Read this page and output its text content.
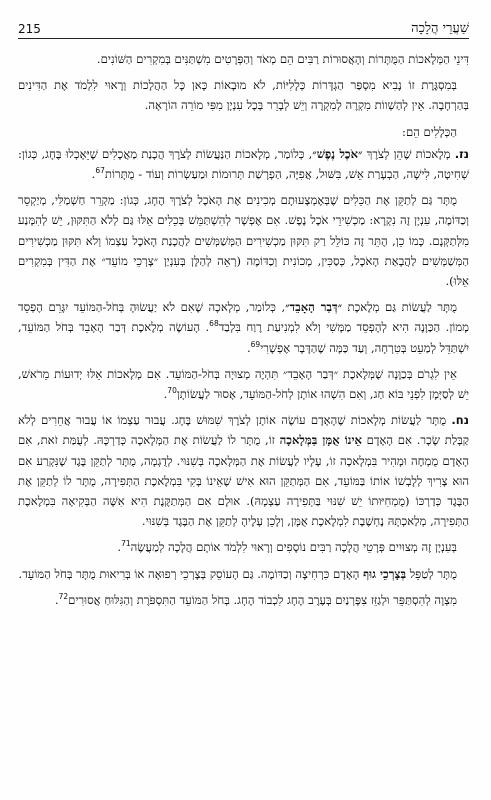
215	שַׁעֲרֵי הֲלָכָה

דִּינֵי הַמְּלָאכוֹת הַמֻּתָּרוֹת וְהָאֲסוּרוֹת רַבִּים הֵם מְאֹד וְהַפְּרָטִים מִשְׁתַּנִּים בְּמִקְרִים הַשּׁוֹנִים.

בְּמִסְגֶּרֶת זוֹ נָבִיא מִסְפַּר הַגְדָּרוֹת כְּלָלִיּוֹת, לֹא מוּבָאוֹת כָּאן כָּל הַהֲלָכוֹת וְרָאוּי לִלְמֹד אֶת הַדִּינִים בְּהַרְחָבָה. אֵין לְהַשְׁווֹת מִקְרֶה לְמִקְרֶה וְיֵשׁ לְבָרֵר בְּכָל עִנְיָן מִפִּי מוֹרֵה הוֹרָאָה.

הַכְּלָלִים הֵם:

נז. מְלָאכוֹת שֶׁהֵן לְצֹרֶךְ ״אֹכֶל נֶפֶשׁ״, כְּלוֹמַר, מְלָאכוֹת הַנַּעֲשׂוֹת לְצֹרֶךְ הֲכָנַת מַאֲכָלִים שֶׁיֵּאָכְלוּ בֶּחָג, כְּגוֹן: שְׁחִיטָה, לִישָׁה, הַבְעָרַת אֵשׁ, בִּשּׁוּל, אֲפִיָּה, הַפְרָשַׁת תְּרוּמוֹת וּמַעַשְׂרוֹת וְעוֹד - מֻתָּרוֹת$^{67}$.

מֻתָּר גַּם לְתַקֵּן אֶת הַכֵּלִים שֶׁבְּאֶמְצָעוּתָם מְכִינִים אֶת הָאֹכֶל לְצֹרֶךְ הֶחָג, כְּגוֹן: מַקְרֵר חַשְׁמַלִּי, מְיַקְסֵר וְכַדּוֹמֶה, עִנְיָן זֶה נִקְרָא: מַכְשִׁירֵי אֹכֶל נֶפֶשׁ. אִם אֶפְשָׁר לְהִשְׁתַּמֵּשׁ בְּכֵלִים אֵלּוּ גַּם לְלֹא הַתִּקּוּן, יֵשׁ לְהִמָּנַע מִלְּתַקְּנָם. כָּמוֹ כֵן, הֶתֵּר זֶה כּוֹלֵל רַק תִּקּוּן מַכְשִׁירִים הַמְּשַׁמְּשִׁים לַהֲכָנַת הָאֹכֶל עַצְמוֹ וְלֹא תִּקּוּן מַכְשִׁירִים הַמְּשַׁמְּשִׁים לַהֲבָאַת הָאֹכֶל, כְּסַכִּין, מְכוֹנִית וְכַדּוֹמֶה (רְאֵה לְהַלָּן בְּעִנְיַן ״צָרְכֵי מוֹעֵד״ אֶת הַדִּין בְּמִקְרִים אֵלּוּ).

מֻתָּר לַעֲשׂוֹת גַּם מְלֶאכֶת ״דְּבַר הָאָבֵד״, כְּלוֹמַר, מְלָאכָה שֶׁאִם לֹא יַעֲשׂוּהָ בְּחֹל-הַמּוֹעֵד יִגָּרֵם הֶפְסֵד מָמוֹן. הַכַּוָּנָה הִיא לְהֶפְסֵד מַמָּשִׁי וְלֹא לִמְנִיעַת רֶוַח בִּלְבַד$^{68}$. הָעוֹשֶׂה מְלֶאכֶת דְּבַר הָאָבֵד בְּחֹל הַמּוֹעֵד, יִשְׁתַּדֵּל לְמַעֵט בְּטִרְחָה, וְעַד כַּמָּה שֶׁהַדָּבָר אֶפְשָׁרִי$^{69}$.

אֵין לִגְרֹם בְּכַוָּנָה שֶׁמְּלֶאכֶת ״דְּבַר הָאָבֵד״ תִּהְיֶה מְצוּיָה בְּחֹל-הַמּוֹעֵד. אִם מְלָאכוֹת אֵלּוּ יְדוּעוֹת מֵרֹאשׁ, יֵשׁ לְסַיְּמָן לִפְנֵי בּוֹא חַג, וְאִם הִשְׁהוּ אוֹתָן לְחֹל-הַמּוֹעֵד, אָסוּר לַעֲשׂוֹתָן$^{70}$.

נח. מֻתָּר לַעֲשׂוֹת מְלָאכוֹת שֶׁהָאָדָם עוֹשֶׂה אוֹתָן לְצֹרֶךְ שִׁמּוּשׁ בֶּחָג. עֲבוּר עַצְמוֹ אוֹ עֲבוּר אֲחֵרִים לְלֹא קַבָּלַת שָׂכָר. אִם הָאָדָם אֵינוֹ אֻמָּן בַּמְּלָאכָה זוֹ, מֻתָּר לוֹ לַעֲשׂוֹת אֶת הַמְּלָאכָה כְּדַרְכָּהּ. לְעֻמַּת זֹאת, אִם הָאָדָם מֻמְחֶה וּמָהִיר בִּמְלָאכָה זוֹ, עָלָיו לַעֲשׂוֹת אֶת הַמְּלָאכָה בְּשִׁנּוּי. לְדֻגְמָה, מֻתָּר לְתַקֵּן בֶּגֶד שֶׁנִּקְרַע אִם הוּא צָרִיךְ לְלָבְשׁוֹ אוֹתוֹ בַּמּוֹעֵד, אִם הַמְּתַקֵּן הוּא אִישׁ שֶׁאֵינוֹ בָּקִי בִּמְלֶאכֶת הַתְּפִירָה, מֻתָּר לוֹ לְתַקֵּן אֶת הַבֶּגֶד כְּדַרְכּוֹ (מֻמְחִיּוּתוֹ יֵשׁ שִׁנּוּי בַּתְּפִירָה עַצְמָהּ). אוּלָם אִם הַמְּתַקֶּנֶת הִיא אִשָּׁה הַבְּקִיאָה בִּמְלֶאכֶת הַתְּפִירָה, מְלַאכְתָּהּ נֶחְשֶׁבֶת לִמְלֶאכֶת אֻמָּן, וְלָכֵן עָלֶיהָ לְתַקֵּן אֶת הַבֶּגֶד בְּשִׁנּוּי.

בְּעִנְיָן זֶה מְצוּיִים פְּרָטֵי הֲלָכָה רַבִּים נוֹסָפִים וְרָאוּי לִלְמֹד אוֹתָם הֲלָכָה לְמַעֲשֶׂה$^{71}$.

מֻתָּר לְטַפֵּל בְּצָרְכֵי גוּף הָאָדָם כִּרְחִיצָה וְכַדּוֹמֶה. גַּם הָעוֹסֵק בְּצָרְכֵי רְפוּאָה אוֹ בְּרִיאוּת מֻתָּר בְּחֹל הַמּוֹעֵד.

מִצְוָה לְהִסְתַּפֵּר וּלְגַזֵּז צִפָּרְנַיִם בְּעֶרֶב הֶחָג לִכְבוֹד הֶחָג. בְּחֹל הַמּוֹעֵד הַתִּסְפֹּרֶת וְהַגִּלּוּחַ אֲסוּרִים$^{72}$.
